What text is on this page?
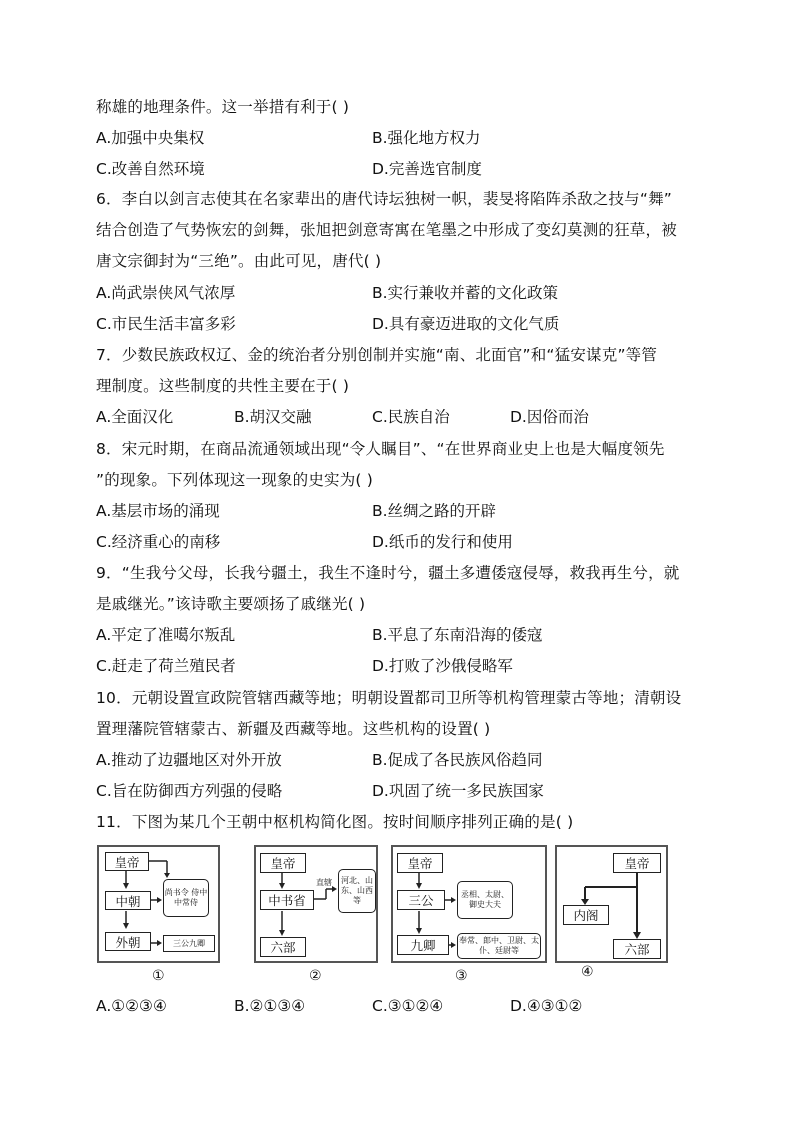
称雄的地理条件。这一举措有利于( )
A.加强中央集权	B.强化地方权力
C.改善自然环境	D.完善选官制度
6．李白以剑言志使其在名家辈出的唐代诗坛独树一帜，裴旻将陷阵杀敌之技与“舞”
结合创造了气势恢宏的剑舞，张旭把剑意寄寓在笔墨之中形成了变幻莫测的狂草，被
唐文宗御封为“三绝”。由此可见，唐代( )
A.尚武崇侠风气浓厚	B.实行兼收并蓄的文化政策
C.市民生活丰富多彩	D.具有豪迈进取的文化气质
7．少数民族政权辽、金的统治者分别创制并实施“南、北面官”和“猛安谋克”等管
理制度。这些制度的共性主要在于( )
A.全面汉化	B.胡汉交融	C.民族自治	D.因俗而治
8．宋元时期，在商品流通领域出现“令人瞩目”、“在世界商业史上也是大幅度领先
”的现象。下列体现这一现象的史实为( )
A.基层市场的涌现	B.丝绸之路的开辟
C.经济重心的南移	D.纸币的发行和使用
9．“生我兮父母，长我兮疆土，我生不逢时兮，疆土多遭倭寇侵辱，救我再生兮，就
是戚继光。”该诗歌主要颂扬了戚继光( )
A.平定了准噶尔叛乱	B.平息了东南沿海的倭寇
C.赶走了荷兰殖民者	D.打败了沙俄侵略军
10．元朝设置宣政院管辖西藏等地；明朝设置都司卫所等机构管理蒙古等地；清朝设
置理藩院管辖蒙古、新疆及西藏等地。这些机构的设置( )
A.推动了边疆地区对外开放	B.促成了各民族风俗趋同
C.旨在防御西方列强的侵略	D.巩固了统一多民族国家
11．下图为某几个王朝中枢机构简化图。按时间顺序排列正确的是( )
皇帝
中朝
外朝
尚书令 侍中 中常侍
三公九卿
皇帝
中书省
六部
直辖	河北、山东、山西等
皇帝
三公
九卿
丞相、太尉、御史大夫
奉常、郎中、卫尉、太仆、廷尉等
皇帝
内阁
六部
①	②	③	④
A.①②③④	B.②①③④	C.③①②④	D.④③①②
